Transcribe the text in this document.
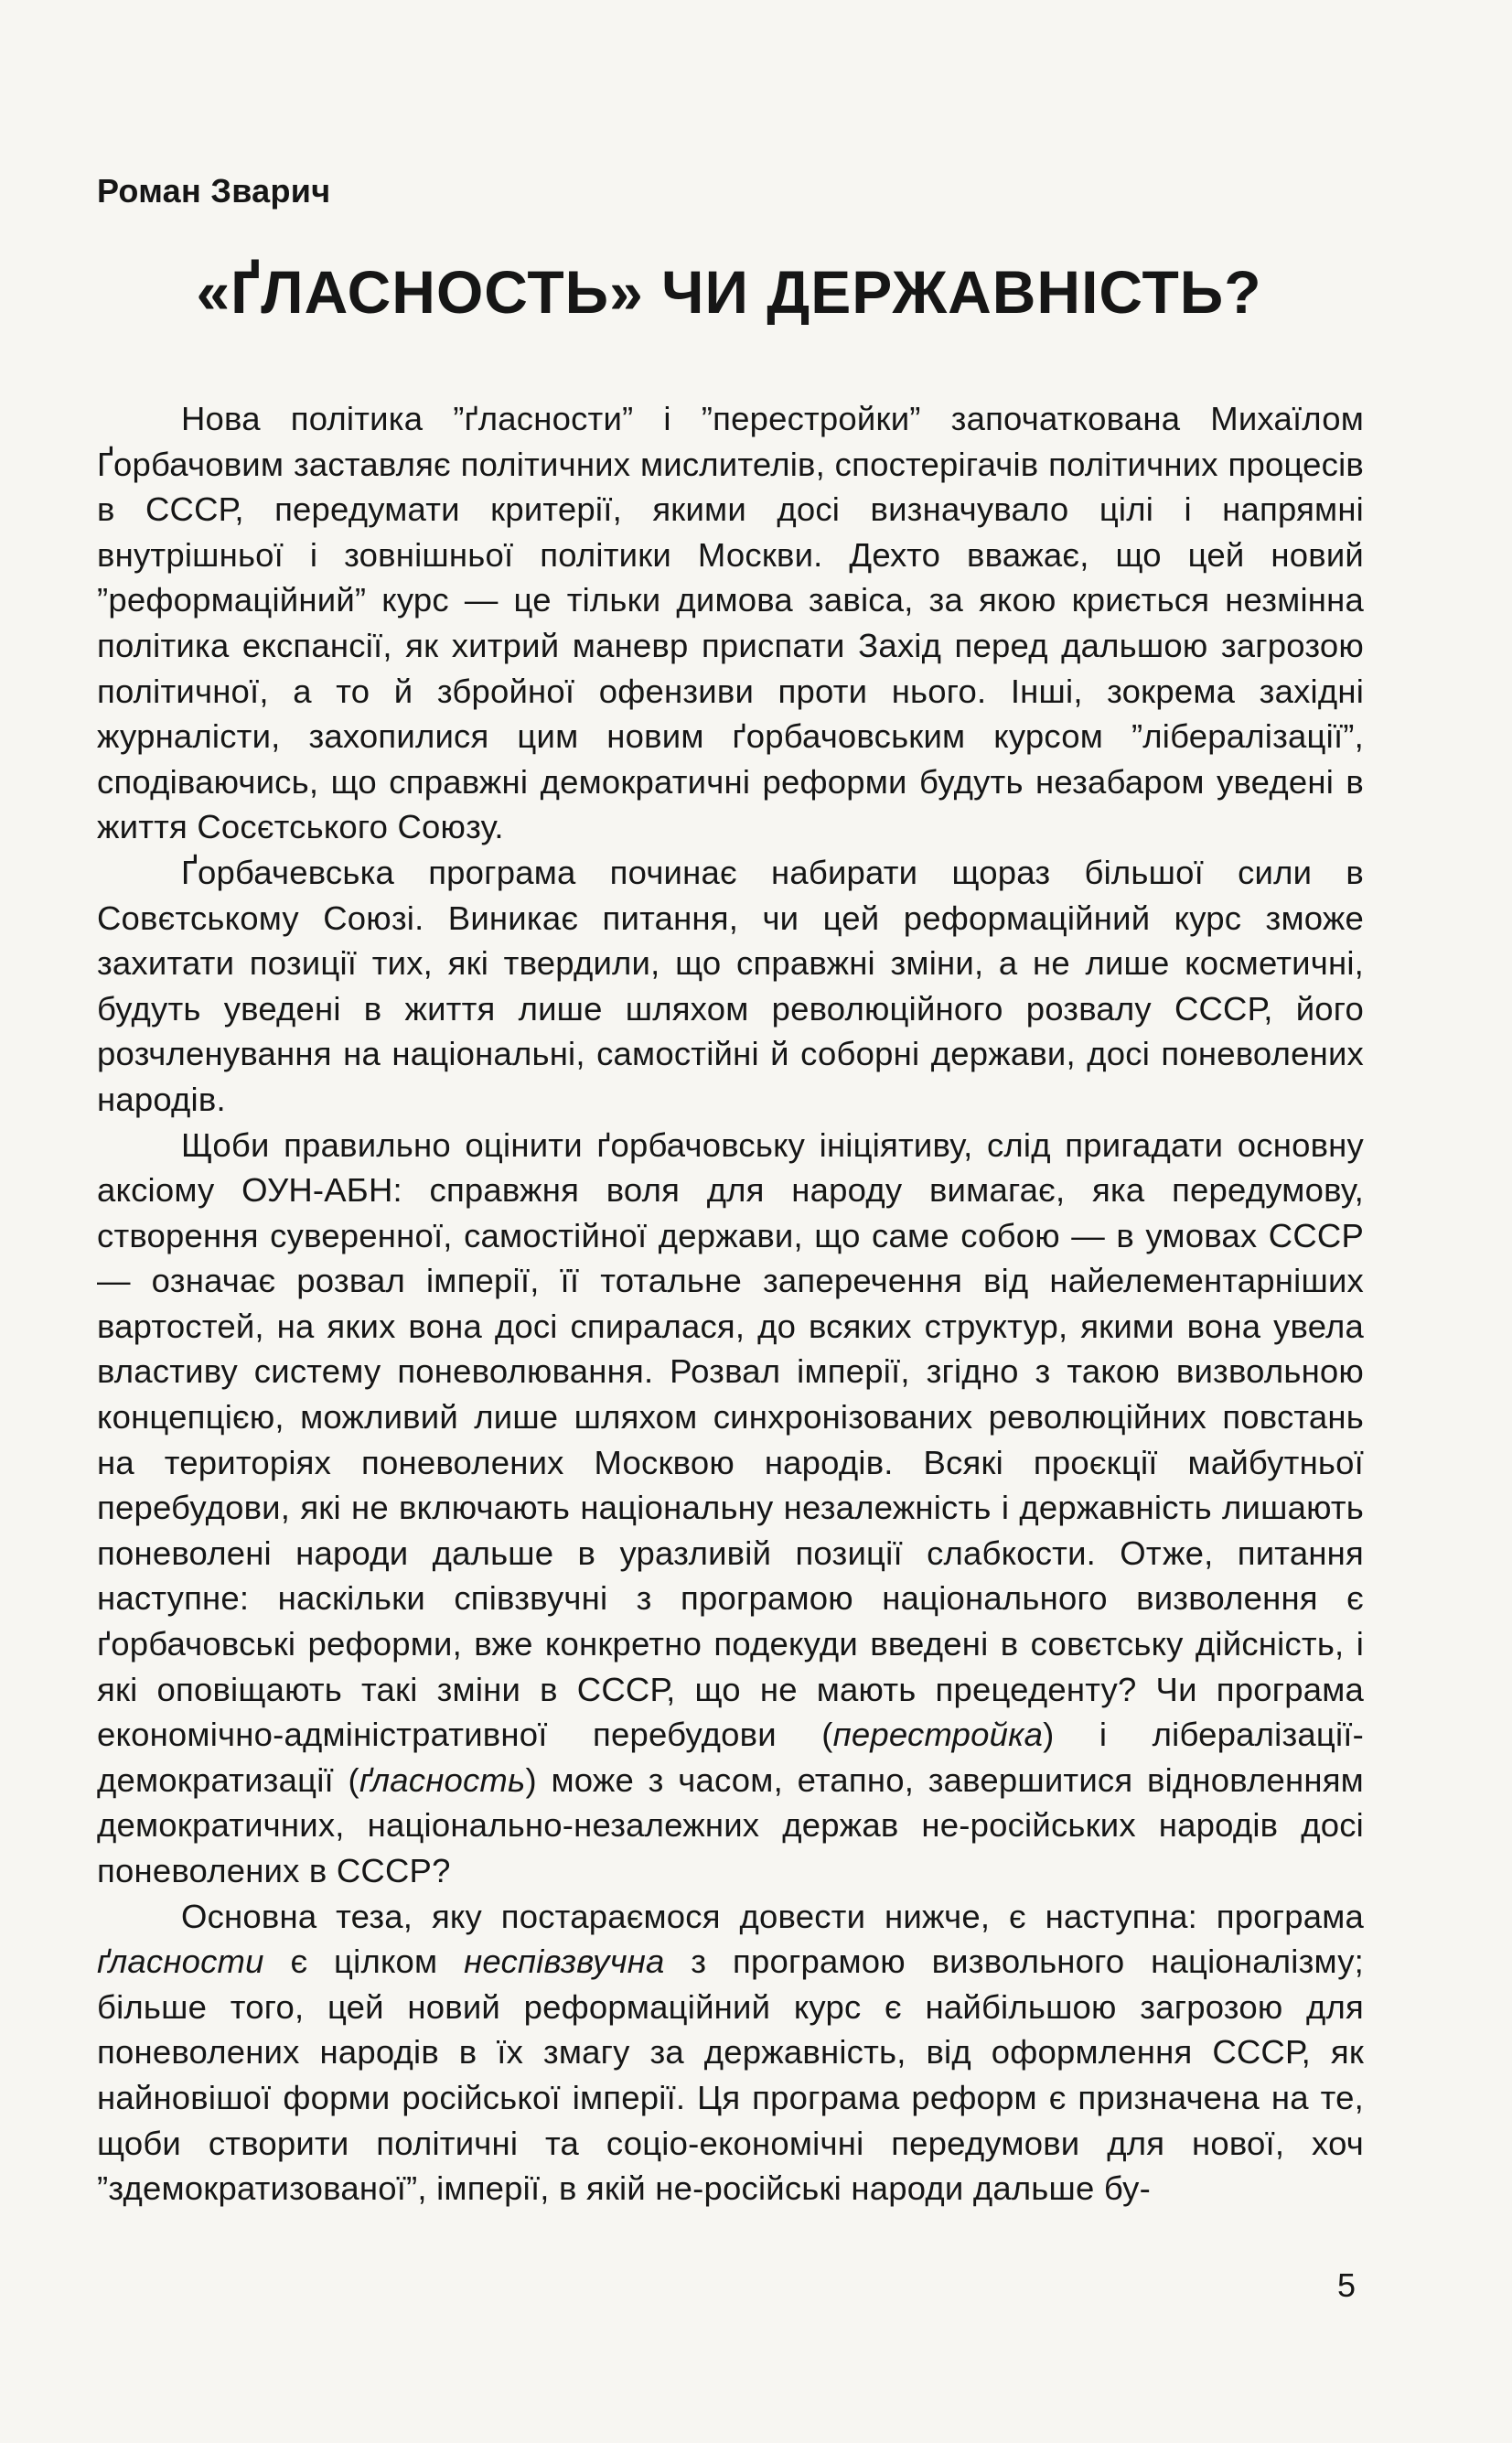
Роман Зварич
«ҐЛАСНОСТЬ» ЧИ ДЕРЖАВНІСТЬ?

Нова політика ”ґласности” і ”перестройки” започаткована Михаїлом Ґорбачовим заставляє політичних мислителів, спостерігачів політичних процесів в СССР, передумати критерії, якими досі визначувало цілі і напрямні внутрішньої і зовнішньої політики Москви. Дехто вважає, що цей новий ”реформаційний” курс — це тільки димова завіса, за якою криється незмінна політика експансії, як хитрий маневр приспати Захід перед дальшою загрозою політичної, а то й збройної офензиви проти нього. Інші, зокрема західні журналісти, захопилися цим новим ґорбачовським курсом ”лібералізації”, сподіваючись, що справжні демократичні реформи будуть незабаром уведені в життя Сосєтського Союзу.

Ґорбачевська програма починає набирати щораз більшої сили в Совєтському Союзі. Виникає питання, чи цей реформаційний курс зможе захитати позиції тих, які твердили, що справжні зміни, а не лише косметичні, будуть уведені в життя лише шляхом революційного розвалу СССР, його розчленування на національні, самостійні й соборні держави, досі поневолених народів.

Щоби правильно оцінити ґорбачовську ініціятиву, слід пригадати основну аксіому ОУН-АБН: справжня воля для народу вимагає, яка передумову, створення суверенної, самостійної держави, що саме собою — в умовах СССР — означає розвал імперії, її тотальне заперечення від найелементарніших вартостей, на яких вона досі спиралася, до всяких структур, якими вона увела властиву систему поневолювання. Розвал імперії, згідно з такою визвольною концепцією, можливий лише шляхом синхронізованих революційних повстань на територіях поневолених Москвою народів. Всякі проєкції майбутньої перебудови, які не включають національну незалежність і державність лишають поневолені народи дальше в уразливій позиції слабкости. Отже, питання наступне: наскільки співзвучні з програмою національного визволення є ґорбачовські реформи, вже конкретно подекуди введені в совєтську дійсність, і які оповіщають такі зміни в СССР, що не мають прецеденту? Чи програма економічно-адміністративної перебудови (перестройка) і лібералізації-демократизації (ґласность) може з часом, етапно, завершитися відновленням демократичних, національно-незалежних держав не-російських народів досі поневолених в СССР?

Основна теза, яку постараємося довести нижче, є наступна: програма ґласности є цілком неспівзвучна з програмою визвольного націоналізму; більше того, цей новий реформаційний курс є найбільшою загрозою для поневолених народів в їх змагу за державність, від оформлення СССР, як найновішої форми російської імперії. Ця програма реформ є призначена на те, щоби створити політичні та соціо-економічні передумови для нової, хоч ”здемократизованої”, імперії, в якій не-російські народи дальше бу-

5
